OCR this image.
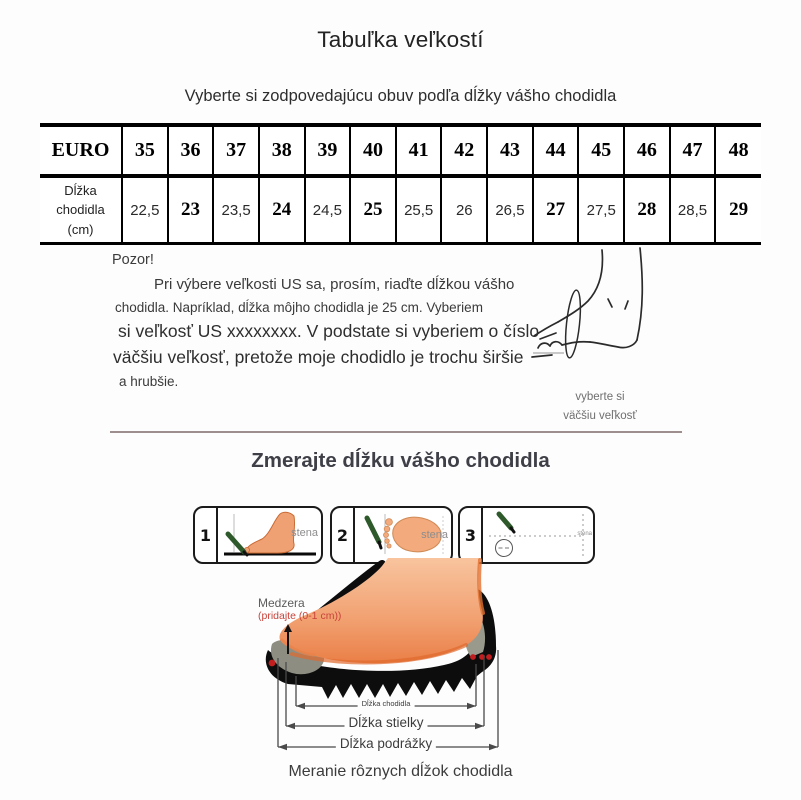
Tabuľka veľkostí
Vyberte si zodpovedajúcu obuv podľa dĺžky vášho chodidla
EURO	35	36	37	38	39	40	41	42	43	44	45	46	47	48

Dĺžka
chodidla
(cm)	22,5	23	23,5	24	24,5	25	25,5	26	26,5	27	27,5	28	28,5	29
Pozor!
Pri výbere veľkosti US sa, prosím, riaďte dĺžkou vášho
chodidla. Napríklad, dĺžka môjho chodidla je 25 cm. Vyberiem
si veľkosť US xxxxxxxx. V podstate si vyberiem o číslo
väčšiu veľkosť, pretože moje chodidlo je trochu širšie
a hrubšie.
vyberte si
väčšiu veľkosť
Zmerajte dĺžku vášho chodidla
1	stena	2	stena	3	stena
Medzera
(pridajte (0-1 cm))
Dĺžka chodidla
Dĺžka stielky
Dĺžka podrážky
Meranie rôznych dĺžok chodidla
